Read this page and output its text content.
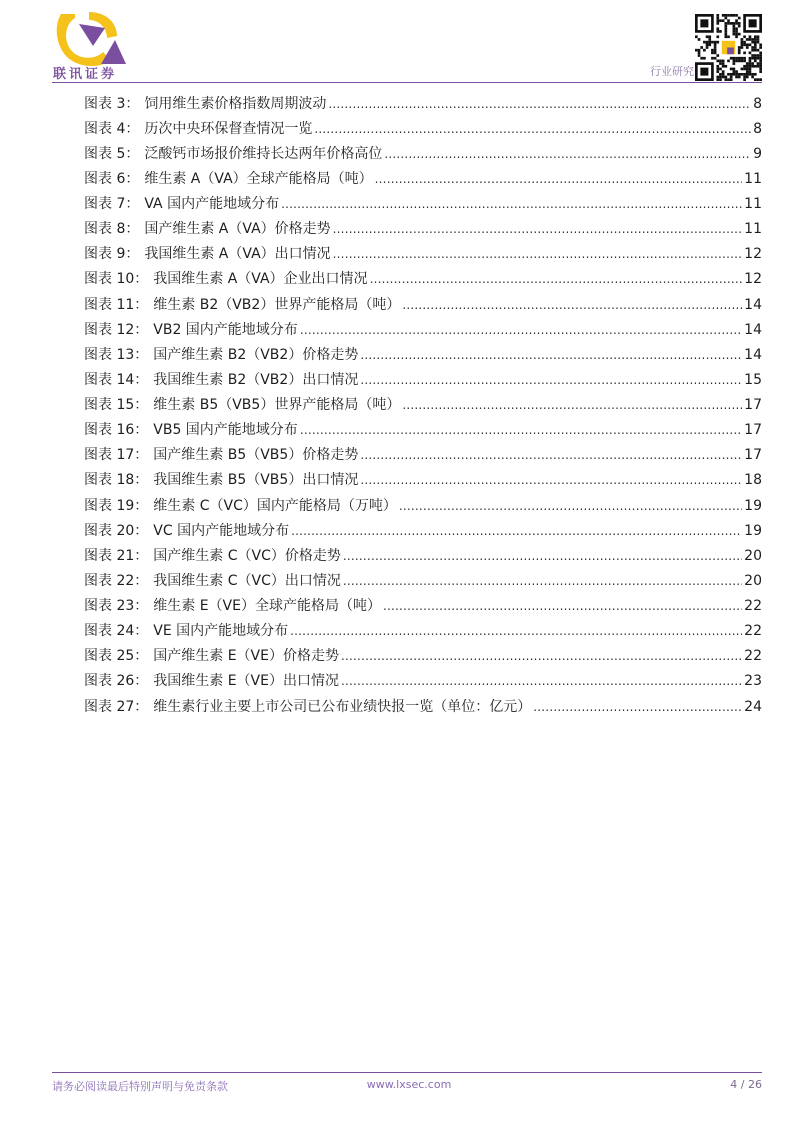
联讯证券	行业研究
图表 3： 饲用维生素价格指数周期波动 .....	8
图表 4： 历次中央环保督查情况一览 .....	8
图表 5： 泛酸钙市场报价维持长达两年价格高位 .....	9
图表 6： 维生素 A（VA）全球产能格局（吨） .....	11
图表 7： VA 国内产能地域分布 .....	11
图表 8： 国产维生素 A（VA）价格走势 .....	11
图表 9： 我国维生素 A（VA）出口情况 .....	12
图表 10： 我国维生素 A（VA）企业出口情况 .....	12
图表 11： 维生素 B2（VB2）世界产能格局（吨） .....	14
图表 12： VB2 国内产能地域分布 .....	14
图表 13： 国产维生素 B2（VB2）价格走势 .....	14
图表 14： 我国维生素 B2（VB2）出口情况 .....	15
图表 15： 维生素 B5（VB5）世界产能格局（吨） .....	17
图表 16： VB5 国内产能地域分布 .....	17
图表 17： 国产维生素 B5（VB5）价格走势 .....	17
图表 18： 我国维生素 B5（VB5）出口情况 .....	18
图表 19： 维生素 C（VC）国内产能格局（万吨） .....	19
图表 20： VC 国内产能地域分布 .....	19
图表 21： 国产维生素 C（VC）价格走势 .....	20
图表 22： 我国维生素 C（VC）出口情况 .....	20
图表 23： 维生素 E（VE）全球产能格局（吨） .....	22
图表 24： VE 国内产能地域分布 .....	22
图表 25： 国产维生素 E（VE）价格走势 .....	22
图表 26： 我国维生素 E（VE）出口情况 .....	23
图表 27： 维生素行业主要上市公司已公布业绩快报一览（单位：亿元） .....	24
请务必阅读最后特别声明与免责条款	www.lxsec.com	4 / 26
